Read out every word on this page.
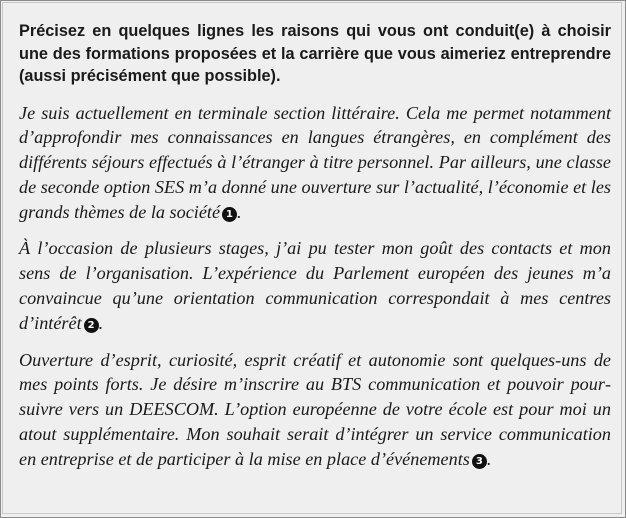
Précisez en quelques lignes les raisons qui vous ont conduit(e) à choisir une des formations proposées et la carrière que vous aimeriez entreprendre (aussi précisément que possible).

Je suis actuellement en terminale section littéraire. Cela me permet notamment d’approfondir mes connaissances en langues étrangères, en complément des différents séjours effectués à l’étranger à titre personnel. Par ailleurs, une classe de seconde option SES m’a donné une ouverture sur l’actualité, l’économie et les grands thèmes de la société 1 .

À l’occasion de plusieurs stages, j’ai pu tester mon goût des contacts et mon sens de l’organisation. L’expérience du Parlement européen des jeunes m’a convaincue qu’une orientation communication correspondait à mes centres d’intérêt 2 .

Ouverture d’esprit, curiosité, esprit créatif et autonomie sont quelques-uns de mes points forts. Je désire m’inscrire au BTS communication et pouvoir poursuivre vers un DEESCOM. L’option européenne de votre école est pour moi un atout supplémentaire. Mon souhait serait d’intégrer un service communication en entreprise et de participer à la mise en place d’événements 3 .
